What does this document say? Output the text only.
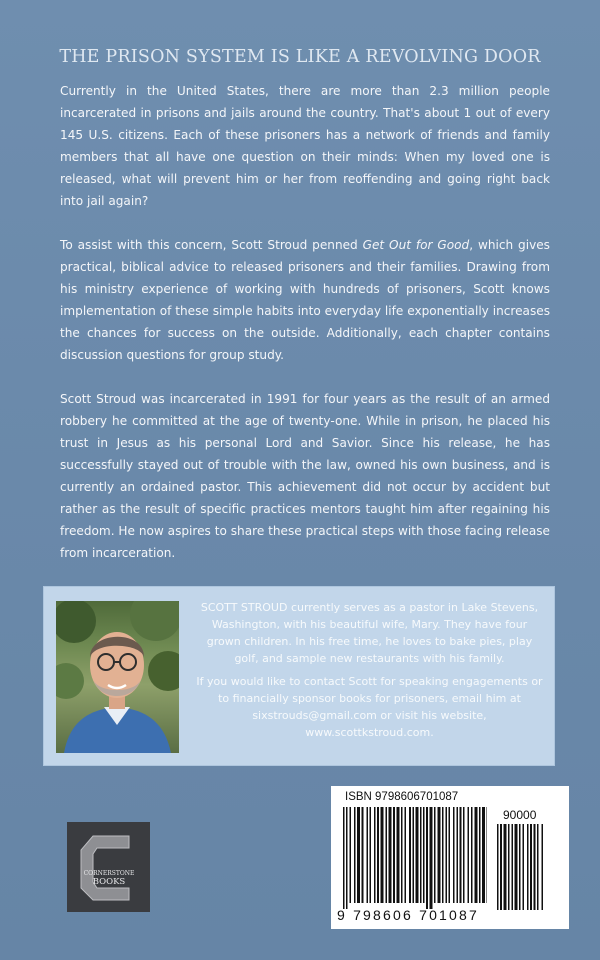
THE PRISON SYSTEM IS LIKE A REVOLVING DOOR

Currently in the United States, there are more than 2.3 million people incarcerated in prisons and jails around the country. That's about 1 out of every 145 U.S. citizens. Each of these prisoners has a network of friends and family members that all have one question on their minds: When my loved one is released, what will prevent him or her from reoffending and going right back into jail again?

To assist with this concern, Scott Stroud penned Get Out for Good, which gives practical, biblical advice to released prisoners and their families. Drawing from his ministry experience of working with hundreds of prisoners, Scott knows implementation of these simple habits into everyday life exponentially increases the chances for success on the outside. Additionally, each chapter contains discussion questions for group study.

Scott Stroud was incarcerated in 1991 for four years as the result of an armed robbery he committed at the age of twenty-one. While in prison, he placed his trust in Jesus as his personal Lord and Savior. Since his release, he has successfully stayed out of trouble with the law, owned his own business, and is currently an ordained pastor. This achievement did not occur by accident but rather as the result of specific practices mentors taught him after regaining his freedom. He now aspires to share these practical steps with those facing release from incarceration.

SCOTT STROUD currently serves as a pastor in Lake Stevens, Washington, with his beautiful wife, Mary. They have four grown children. In his free time, he loves to bake pies, play golf, and sample new restaurants with his family.

If you would like to contact Scott for speaking engagements or to financially sponsor books for prisoners, email him at sixstrouds@gmail.com or visit his website, www.scottkstroud.com.

CORNERSTONE
BOOKS
ISBN 9798606701087
90000
9 798606 701087
